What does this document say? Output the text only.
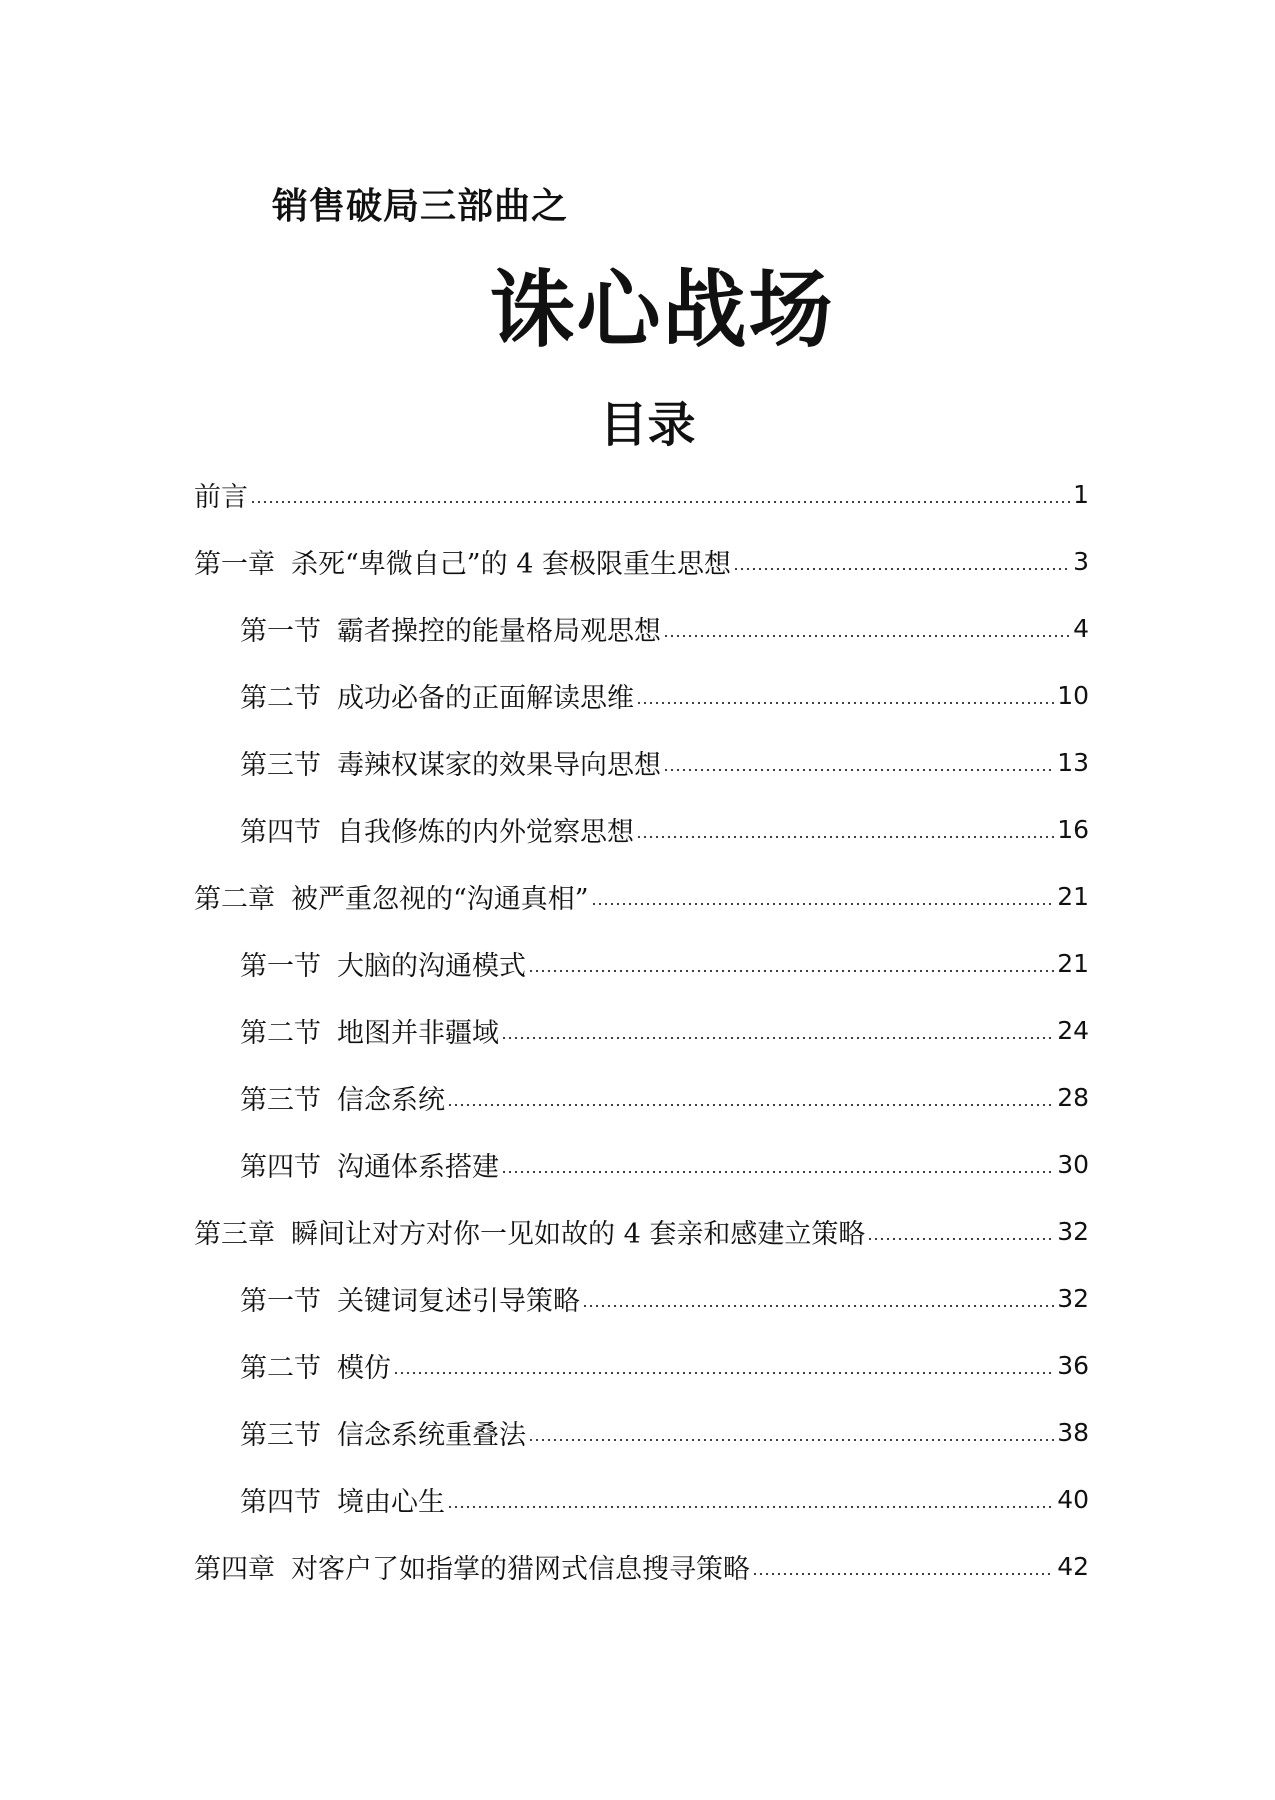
销售破局三部曲之
诛心战场
目录
前言	1
第一章 杀死“卑微自己”的 4 套极限重生思想	3
第一节 霸者操控的能量格局观思想	4
第二节 成功必备的正面解读思维	10
第三节 毒辣权谋家的效果导向思想	13
第四节 自我修炼的内外觉察思想	16
第二章 被严重忽视的“沟通真相”	21
第一节 大脑的沟通模式	21
第二节 地图并非疆域	24
第三节 信念系统	28
第四节 沟通体系搭建	30
第三章 瞬间让对方对你一见如故的 4 套亲和感建立策略	32
第一节 关键词复述引导策略	32
第二节 模仿	36
第三节 信念系统重叠法	38
第四节 境由心生	40
第四章 对客户了如指掌的猎网式信息搜寻策略	42
